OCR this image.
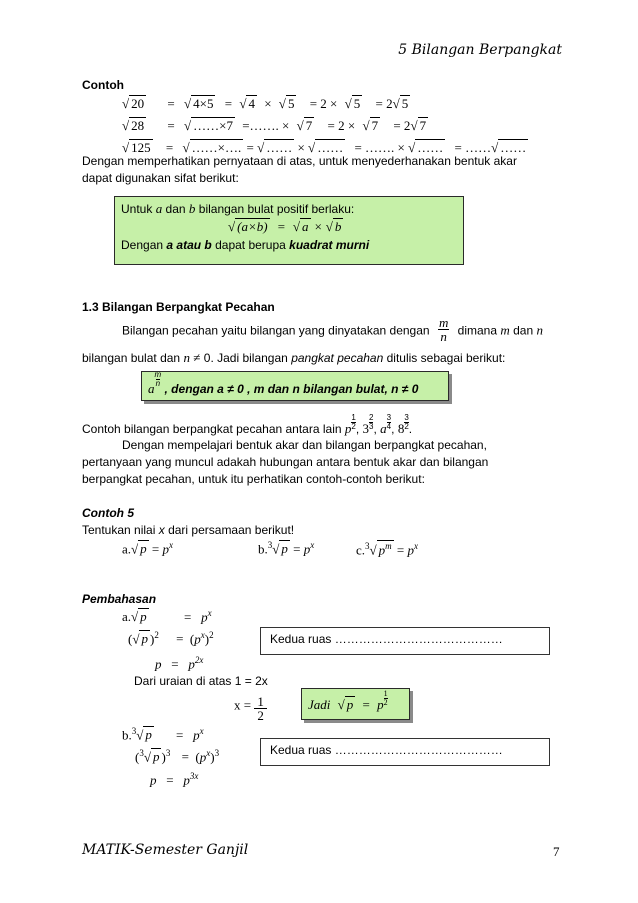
5 Bilangan Berpangkat
Contoh
√ 20 = √ 4×5 = √ 4 × √ 5 = 2 × √ 5 = 2√ 5
√ 28 = √ ……×7 =……. × √ 7 = 2 × √ 7 = 2√ 7
√ 125 = √ ……×…. = √ …… × √ …… = ……. × √ …… = ……√ ……
Dengan memperhatikan pernyataan di atas, untuk menyederhanakan bentuk akar
dapat digunakan sifat berikut:
Untuk a dan b bilangan bulat positif berlaku:
√ (a×b) = √ a × √ b
Dengan a atau b dapat berupa kuadrat murni
1.3 Bilangan Berpangkat Pecahan
Bilangan pecahan yaitu bilangan yang dinyatakan dengan $\frac{m}{n}$ dimana m dan n
bilangan bulat dan n ≠ 0. Jadi bilangan pangkat pecahan ditulis sebagai berikut:
a
$\frac{m}{n}$
, dengan a ≠ 0 , m dan n bilangan bulat, n ≠ 0
Contoh bilangan berpangkat pecahan antara lain p $\frac{1}{2}$ , $3 \frac{2}{3}$ , a $\frac{3}{4}$ , $8 \frac{3}{2}$ .
Dengan mempelajari bentuk akar dan bilangan berpangkat pecahan,
pertanyaan yang muncul adakah hubungan antara bentuk akar dan bilangan
berpangkat pecahan, untuk itu perhatikan contoh-contoh berikut:
Contoh 5
Tentukan nilai x dari persamaan berikut!
a.√ $p = p^x$	b.$^3$√ $p = p^x$	c.$^3$√ $p^m = p^x$
Pembahasan
a.√ p	= $p^x$
(√ p )$^2 = (p^x)^2$	Kedua ruas ……………………………………
$p = p^{2x}$
Dari uraian di atas 1 = 2x
$x = \frac{1}{2}$	Jadi √ p = p $\frac{1}{2}$
b.$^3$√ $p = p^x$
($^3$√ p )$^3 = (p^x)^3$	Kedua ruas ……………………………………
$p = p^{3x}$
MATIK-Semester Ganjil	7
